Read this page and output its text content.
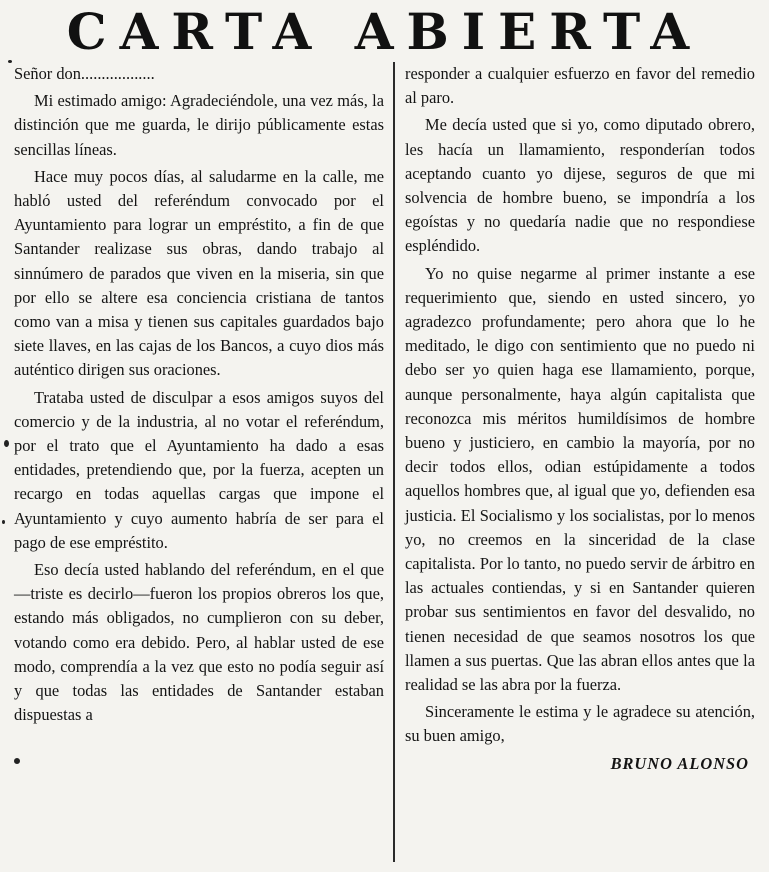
CARTA ABIERTA

Señor don..................

Mi estimado amigo: Agradeciéndole, una vez más, la distinción que me guarda, le dirijo públicamente estas sencillas líneas.

Hace muy pocos días, al saludarme en la calle, me habló usted del referéndum convocado por el Ayuntamiento para lograr un empréstito, a fin de que Santander realizase sus obras, dando trabajo al sinnúmero de parados que viven en la miseria, sin que por ello se altere esa conciencia cristiana de tantos como van a misa y tienen sus capitales guardados bajo siete llaves, en las cajas de los Bancos, a cuyo dios más auténtico dirigen sus oraciones.

Trataba usted de disculpar a esos amigos suyos del comercio y de la industria, al no votar el referéndum, por el trato que el Ayuntamiento ha dado a esas entidades, pretendiendo que, por la fuerza, acepten un recargo en todas aquellas cargas que impone el Ayuntamiento y cuyo aumento habría de ser para el pago de ese empréstito.

Eso decía usted hablando del referéndum, en el que—triste es decirlo—fueron los propios obreros los que, estando más obligados, no cumplieron con su deber, votando como era debido. Pero, al hablar usted de ese modo, comprendía a la vez que esto no podía seguir así y que todas las entidades de Santander estaban dispuestas a

responder a cualquier esfuerzo en favor del remedio al paro.

Me decía usted que si yo, como diputado obrero, les hacía un llamamiento, responderían todos aceptando cuanto yo dijese, seguros de que mi solvencia de hombre bueno, se impondría a los egoístas y no quedaría nadie que no respondiese espléndido.

Yo no quise negarme al primer instante a ese requerimiento que, siendo en usted sincero, yo agradezco profundamente; pero ahora que lo he meditado, le digo con sentimiento que no puedo ni debo ser yo quien haga ese llamamiento, porque, aunque personalmente, haya algún capitalista que reconozca mis méritos humildísimos de hombre bueno y justiciero, en cambio la mayoría, por no decir todos ellos, odian estúpidamente a todos aquellos hombres que, al igual que yo, defienden esa justicia. El Socialismo y los socialistas, por lo menos yo, no creemos en la sinceridad de la clase capitalista. Por lo tanto, no puedo servir de árbitro en las actuales contiendas, y si en Santander quieren probar sus sentimientos en favor del desvalido, no tienen necesidad de que seamos nosotros los que llamen a sus puertas. Que las abran ellos antes que la realidad se las abra por la fuerza.

Sinceramente le estima y le agradece su atención, su buen amigo,

BRUNO ALONSO
